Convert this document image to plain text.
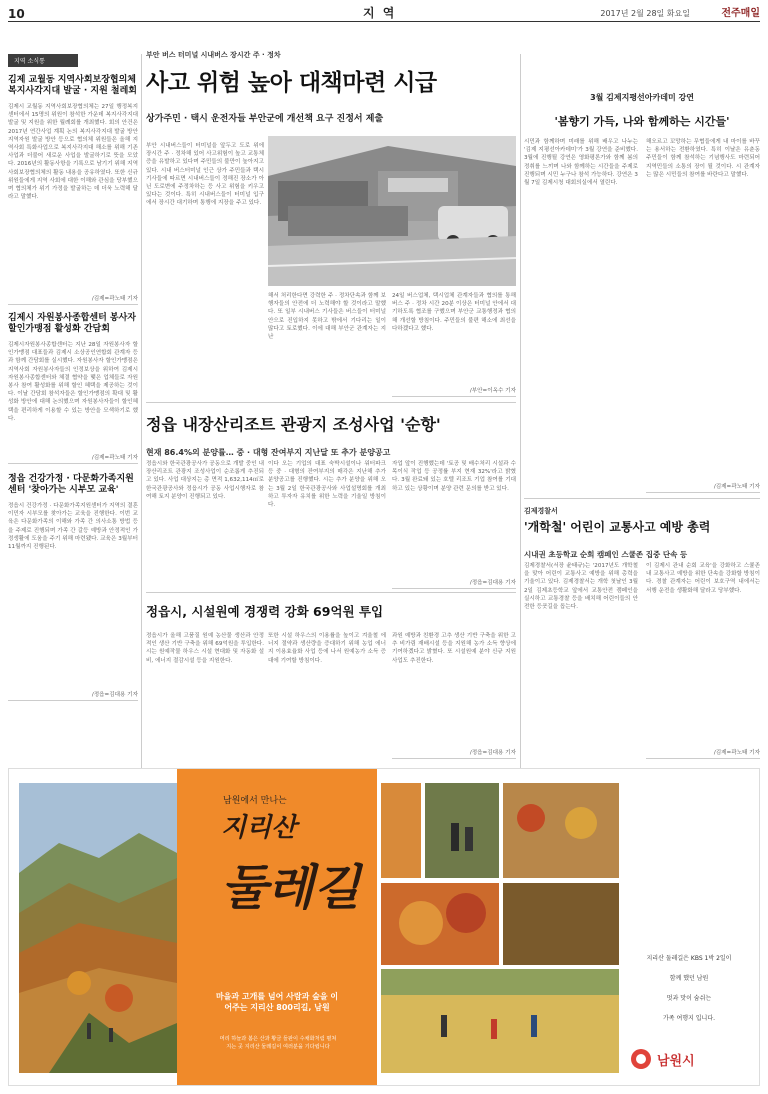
10	지 역	2017년 2월 28일 화요일	전주매일
지역 소식통
김제 교월동 지역사회보장협의체 복지사각지대 발굴 · 지원 철레회
김제시 교월동 지역사회보장협의체는 27일 행정복지센터에서 15명의 위원이 참석한 가운데 복지사각지대 발굴 및 지원을 위한 월례회를 개최했다. 회의 안건은 2017년 연간사업 계획 논의 복지사각지대 발굴 방안 지역자원 발굴 방안 등으로 협의체 위원들은 올해 지역사회 특화사업으로 복지사각지대 해소를 위해 기존 사업과 더불어 새로운 사업을 발굴하기로 뜻을 모았다. 2016년의 활동사항을 기록으로 남기기 위해 지역사회보장협의체의 활동 내용을 공유하였다. 또한 신규 위원들에게 지역 사회에 대한 이해와 관심을 당부했으며 협의체가 위기 가정을 발굴하는 데 더욱 노력해 달라고 말했다.
/김제=곽노태 기자
김제시 자원봉사종합센터 봉사자 할인가맹점 활성화 간담회
김제시자원봉사종합센터는 지난 28일 자원봉사자 할인가맹점 대표들과 김제시 소상공인연합회 관계자 등과 함께 간담회를 실시했다. 자원봉사자 할인가맹점은 지역사회 자원봉사자들의 인정보상을 위하여 김제시 자원봉사종합센터와 체결 협약을 맺은 업체들로 자원봉사 참여 활성화를 위해 할인 혜택을 제공하는 것이다. 이날 간담회 참석자들은 할인가맹점의 확대 및 활성화 방안에 대해 논의했으며 자원봉사자들이 할인혜택을 편리하게 이용할 수 있는 방안을 모색하기로 했다.
/김제=곽노태 기자
정읍 건강가정 · 다문화가족지원센터 '찾아가는 시부모 교육'
정읍시 건강가정 · 다문화가족지원센터가 지역의 결혼이민자 시부모를 찾아가는 교육을 진행한다. 이번 교육은 다문화가족의 이해와 가족 간 의사소통 방법 등을 주제로 진행되며 가족 간 갈등 예방과 안정적인 가정생활에 도움을 주기 위해 마련됐다. 교육은 3월부터 11월까지 진행된다.
/정읍=김대용 기자
부안 버스 터미널 시내버스 장시간 주 · 정차
사고 위험 높아 대책마련 시급
상가주민 · 택시 운전자들 부안군에 개선책 요구 진정서 제출
부안 시내버스들이 터미널을 앞두고 도로 위에 장시간 주 · 정차해 있어 사고위험이 높고 교통체증을 유발하고 있다며 주민들의 불만이 높아지고 있다. 시내 버스터미널 인근 상가 주민들과 택시 기사들에 따르면 시내버스들이 정해진 장소가 아닌 도로변에 주정차하는 등 사고 위험을 키우고 있다는 것이다. 특히 시내버스들이 터미널 입구에서 장시간 대기하며 통행에 지장을 주고 있다.
해서 처리한다면 강력한 주 · 정차단속과 함께 보행자들의 안전에 더 노력해야 할 것이라고 말했다. 또 일부 시내버스 기사들은 버스들이 터미널 안으로 진입하지 못하고 밖에서 기다리는 일이 많다고 토로했다. 이에 대해 부안군 관계자는 지난
24일 버스업체, 택시업체 관계자들과 협의를 통해 버스 주 · 정차 시간 20분 이상은 터미널 안에서 대기하도록 협조를 구했으며 부안군 교통행정과 협의해 개선할 방침이다. 주민들의 불편 해소에 최선을 다하겠다고 했다.
/부안=이옥수 기자
정읍 내장산리조트 관광지 조성사업 '순항'
현재 86.4%의 분양률… 중 · 대형 잔여부지 지난달 또 추가 분양공고
정읍시와 한국관광공사가 공동으로 개발 중인 내장산리조트 관광지 조성사업이 순조롭게 추진되고 있다. 사업 대상지는 총 면적 1,632,114㎡로 한국관광공사와 정읍시가 공동 사업시행자로 참여해 토지 분양이 진행되고 있다.
이다 오는 기업의 대표 숙박시설이나 워터파크 등 중 · 대형의 잔여부지의 매각은 지난해 추가 분양공고를 진행했다. 시는 추가 분양을 위해 오는 3월 2일 한국관광공사와 사업설명회를 개최하고 투자자 유치를 위한 노력을 기울일 방침이다.
자업 앞이 진행했는데 '토공 및 배수처리 시설과 수목이식 작업 등 공정률 부지 현재 32%'라고 밝혔다. 3월 완료돼 있는 호텔 리조트 기업 참여를 기대하고 있는 상황이며 분양 관련 문의를 받고 있다.
/정읍=김대용 기자
정읍시, 시설원예 경쟁력 강화 69억원 투입
정읍시가 올해 고품질 원예 농산물 생산과 안정적인 생산 기반 구축을 위해 69억원을 투입한다. 시는 원예작물 하우스 시설 현대화 및 자동화 설비, 에너지 절감시설 등을 지원한다.
또한 시설 하우스의 이용률을 높이고 겨울철 에너지 절약과 생산량을 증대하기 위해 농업 에너지 이용효율화 사업 등에 나서 원예농가 소득 증대에 기여할 방침이다.
과원 예방과 친환경 고추 생산 기반 구축을 위한 고추 비가림 재배시설 등을 지원해 농가 소득 향상에 기여하겠다고 밝혔다. 또 시설원예 분야 신규 지원 사업도 추진한다.
/정읍=김대용 기자
3월 김제지평선아카데미 강연
'봄향기 가득, 나와 함께하는 시간들'
시민과 함께하며 미래를 위해 배우고 나누는 '김제 지평선아카데미'가 3월 강연을 준비했다. 3월에 진행될 강연은 영화평론가와 함께 봄의 정취를 느끼며 나와 함께하는 시간들을 주제로 진행되며 시민 누구나 참석 가능하다. 강연은 3월 7일 김제시청 대회의실에서 열린다.
해오르고 꼬망하는 무협들에게 내 마이를 바꾸는 용서하는 전환하였다. 특히 이날은 유춘동 주민들이 함께 참석하는 기념행사도 마련되어 지역민들의 소통의 장이 될 것이다. 시 관계자는 많은 시민들의 참여를 바란다고 말했다.
/김제=곽노태 기자
김제경찰서
'개학철' 어린이 교통사고 예방 총력
시내권 초등학교 순회 캠페인 스쿨존 집중 단속 등
김제경찰서(서장 윤태규)는 '2017년도 개학철을 맞아 어린이 교통사고 예방을 위해 총력을 기울이고 있다. 김제경찰서는 개학 첫날인 3월 2일 김제초등학교 앞에서 교통안전 캠페인을 실시하고 교통경찰 등을 배치해 어린이들의 안전한 등굣길을 돕는다.
이 김제시 관내 순회 교육'을 강화하고 스쿨존 내 교통사고 예방을 위한 단속을 강화할 방침이다. 경찰 관계자는 어린이 보호구역 내에서는 서행 운전을 생활화해 달라고 당부했다.
/김제=곽노태 기자
남원에서 만나는
지리산
둘레길
마을과 고개를 넘어 사람과 숲을 이어주는 지리산 800리길, 남원
머리 하늘과 봄은 산과 황금 들판이 수채화처럼 펼쳐지는 곳 지리산 둘레길이 여러분을 기다립니다
지리산 둘레길은 KBS 1박 2일이
함께 했던 남원
멋과 맛이 숨쉬는
가족 여행지 입니다.
남원시
